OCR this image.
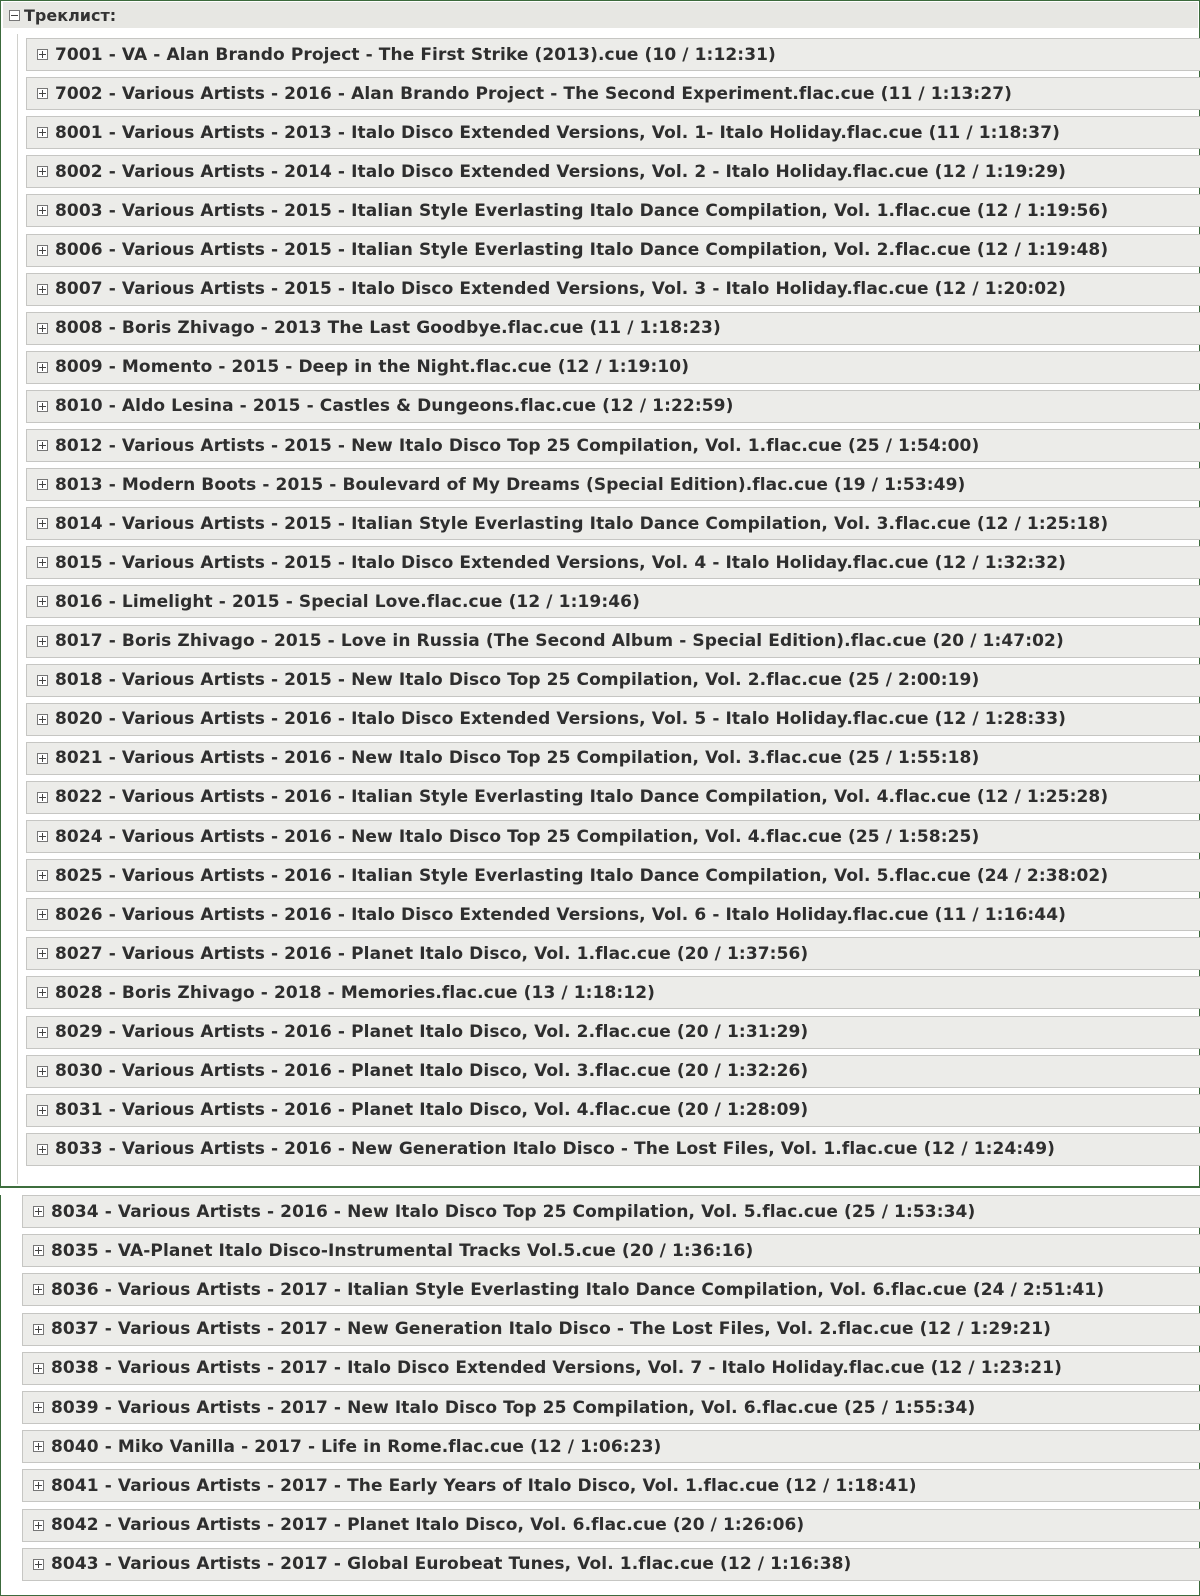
Треклист:
7001 - VA - Alan Brando Project - The First Strike (2013).cue (10 / 1:12:31)
7002 - Various Artists - 2016 - Alan Brando Project - The Second Experiment.flac.cue (11 / 1:13:27)
8001 - Various Artists - 2013 - Italo Disco Extended Versions, Vol. 1- Italo Holiday.flac.cue (11 / 1:18:37)
8002 - Various Artists - 2014 - Italo Disco Extended Versions, Vol. 2 - Italo Holiday.flac.cue (12 / 1:19:29)
8003 - Various Artists - 2015 - Italian Style Everlasting Italo Dance Compilation, Vol. 1.flac.cue (12 / 1:19:56)
8006 - Various Artists - 2015 - Italian Style Everlasting Italo Dance Compilation, Vol. 2.flac.cue (12 / 1:19:48)
8007 - Various Artists - 2015 - Italo Disco Extended Versions, Vol. 3 - Italo Holiday.flac.cue (12 / 1:20:02)
8008 - Boris Zhivago - 2013 The Last Goodbye.flac.cue (11 / 1:18:23)
8009 - Momento - 2015 - Deep in the Night.flac.cue (12 / 1:19:10)
8010 - Aldo Lesina - 2015 - Castles & Dungeons.flac.cue (12 / 1:22:59)
8012 - Various Artists - 2015 - New Italo Disco Top 25 Compilation, Vol. 1.flac.cue (25 / 1:54:00)
8013 - Modern Boots - 2015 - Boulevard of My Dreams (Special Edition).flac.cue (19 / 1:53:49)
8014 - Various Artists - 2015 - Italian Style Everlasting Italo Dance Compilation, Vol. 3.flac.cue (12 / 1:25:18)
8015 - Various Artists - 2015 - Italo Disco Extended Versions, Vol. 4 - Italo Holiday.flac.cue (12 / 1:32:32)
8016 - Limelight - 2015 - Special Love.flac.cue (12 / 1:19:46)
8017 - Boris Zhivago - 2015 - Love in Russia (The Second Album - Special Edition).flac.cue (20 / 1:47:02)
8018 - Various Artists - 2015 - New Italo Disco Top 25 Compilation, Vol. 2.flac.cue (25 / 2:00:19)
8020 - Various Artists - 2016 - Italo Disco Extended Versions, Vol. 5 - Italo Holiday.flac.cue (12 / 1:28:33)
8021 - Various Artists - 2016 - New Italo Disco Top 25 Compilation, Vol. 3.flac.cue (25 / 1:55:18)
8022 - Various Artists - 2016 - Italian Style Everlasting Italo Dance Compilation, Vol. 4.flac.cue (12 / 1:25:28)
8024 - Various Artists - 2016 - New Italo Disco Top 25 Compilation, Vol. 4.flac.cue (25 / 1:58:25)
8025 - Various Artists - 2016 - Italian Style Everlasting Italo Dance Compilation, Vol. 5.flac.cue (24 / 2:38:02)
8026 - Various Artists - 2016 - Italo Disco Extended Versions, Vol. 6 - Italo Holiday.flac.cue (11 / 1:16:44)
8027 - Various Artists - 2016 - Planet Italo Disco, Vol. 1.flac.cue (20 / 1:37:56)
8028 - Boris Zhivago - 2018 - Memories.flac.cue (13 / 1:18:12)
8029 - Various Artists - 2016 - Planet Italo Disco, Vol. 2.flac.cue (20 / 1:31:29)
8030 - Various Artists - 2016 - Planet Italo Disco, Vol. 3.flac.cue (20 / 1:32:26)
8031 - Various Artists - 2016 - Planet Italo Disco, Vol. 4.flac.cue (20 / 1:28:09)
8033 - Various Artists - 2016 - New Generation Italo Disco - The Lost Files, Vol. 1.flac.cue (12 / 1:24:49)
8034 - Various Artists - 2016 - New Italo Disco Top 25 Compilation, Vol. 5.flac.cue (25 / 1:53:34)
8035 - VA-Planet Italo Disco-Instrumental Tracks Vol.5.cue (20 / 1:36:16)
8036 - Various Artists - 2017 - Italian Style Everlasting Italo Dance Compilation, Vol. 6.flac.cue (24 / 2:51:41)
8037 - Various Artists - 2017 - New Generation Italo Disco - The Lost Files, Vol. 2.flac.cue (12 / 1:29:21)
8038 - Various Artists - 2017 - Italo Disco Extended Versions, Vol. 7 - Italo Holiday.flac.cue (12 / 1:23:21)
8039 - Various Artists - 2017 - New Italo Disco Top 25 Compilation, Vol. 6.flac.cue (25 / 1:55:34)
8040 - Miko Vanilla - 2017 - Life in Rome.flac.cue (12 / 1:06:23)
8041 - Various Artists - 2017 - The Early Years of Italo Disco, Vol. 1.flac.cue (12 / 1:18:41)
8042 - Various Artists - 2017 - Planet Italo Disco, Vol. 6.flac.cue (20 / 1:26:06)
8043 - Various Artists - 2017 - Global Eurobeat Tunes, Vol. 1.flac.cue (12 / 1:16:38)
